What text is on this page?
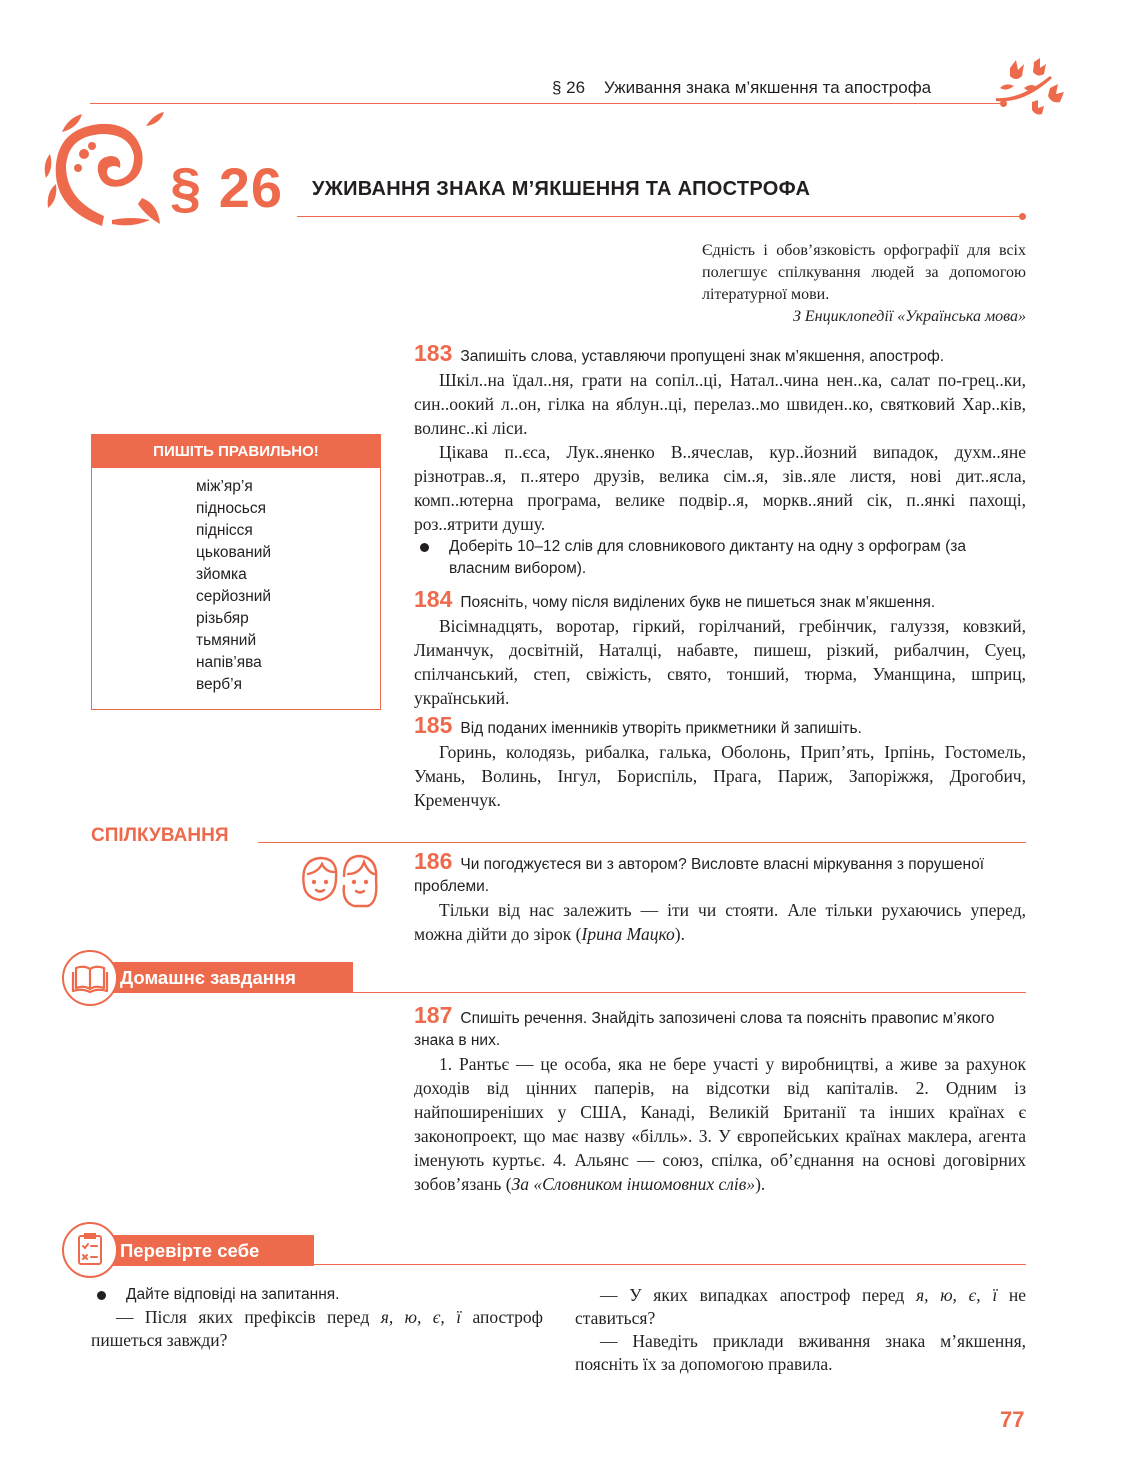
§ 26    Уживання знака м’якшення та апострофа
§ 26 УЖИВАННЯ ЗНАКА М’ЯКШЕННЯ ТА АПОСТРОФА
Єдність і обов’язковість орфографії для всіх полегшує спілкування людей за допомогою літературної мови.
З Енциклопедії «Українська мова»
183 Запишіть слова, уставляючи пропущені знак м’якшення, апостроф.
Шкіл..на їдал..ня, грати на сопіл..ці, Натал..чина нен..ка, салат по-грец..ки, син..оокий л..он, гілка на яблун..ці, перелаз..мо швиден..ко, святковий Хар..ків, волинс..кі ліси.
Цікава п..єса, Лук..яненко В..ячеслав, кур..йозний випадок, духм..яне різнотрав..я, п..ятеро друзів, велика сім..я, зів..яле листя, нові дит..ясла, комп..ютерна програма, велике подвір..я, моркв..яний сік, п..янкі пахощі, роз..ятрити душу.
Доберіть 10–12 слів для словникового диктанту на одну з орфограм (за власним вибором).
ПИШІТЬ ПРАВИЛЬНО!
між’яр’я
підносься
піднісся
цькований
зйомка
серйозний
різьбяр
тьмяний
напів’ява
верб’я
184 Поясніть, чому після виділених букв не пишеться знак м’якшення.
Вісімнадцять, воротар, гіркий, горілчаний, гребінчик, галуззя, ковзкий, Лиманчук, досвітній, Наталці, набавте, пишеш, різкий, рибалчин, Суец, спілчанський, степ, свіжість, свято, тонший, тюрма, Уманщина, шприц, український.
185 Від поданих іменників утворіть прикметники й запишіть.
Горинь, колодязь, рибалка, галька, Оболонь, Прип’ять, Ірпінь, Гостомель, Умань, Волинь, Інгул, Бориспіль, Прага, Париж, Запоріжжя, Дрогобич, Кременчук.
СПІЛКУВАННЯ
186 Чи погоджуєтеся ви з автором? Висловте власні міркування з порушеної проблеми.
Тільки від нас залежить — іти чи стояти. Але тільки рухаючись уперед, можна дійти до зірок (Ірина Мацко).
Домашнє завдання
187 Спишіть речення. Знайдіть запозичені слова та поясніть правопис м’якого знака в них.
1. Рантьє — це особа, яка не бере участі у виробництві, а живе за рахунок доходів від цінних паперів, на відсотки від капіталів. 2. Одним із найпоширеніших у США, Канаді, Великій Британії та інших країнах є законопроект, що має назву «білль». 3. У європейських країнах маклера, агента іменують куртьє. 4. Альянс — союз, спілка, об’єднання на основі договірних зобов’язань (За «Словником іншомовних слів»).
Перевірте себе
Дайте відповіді на запитання.
— Після яких префіксів перед я, ю, є, ї апостроф пишеться завжди?
— У яких випадках апостроф перед я, ю, є, ї не ставиться?
— Наведіть приклади вживання знака м’якшення, поясніть їх за допомогою правила.
77
